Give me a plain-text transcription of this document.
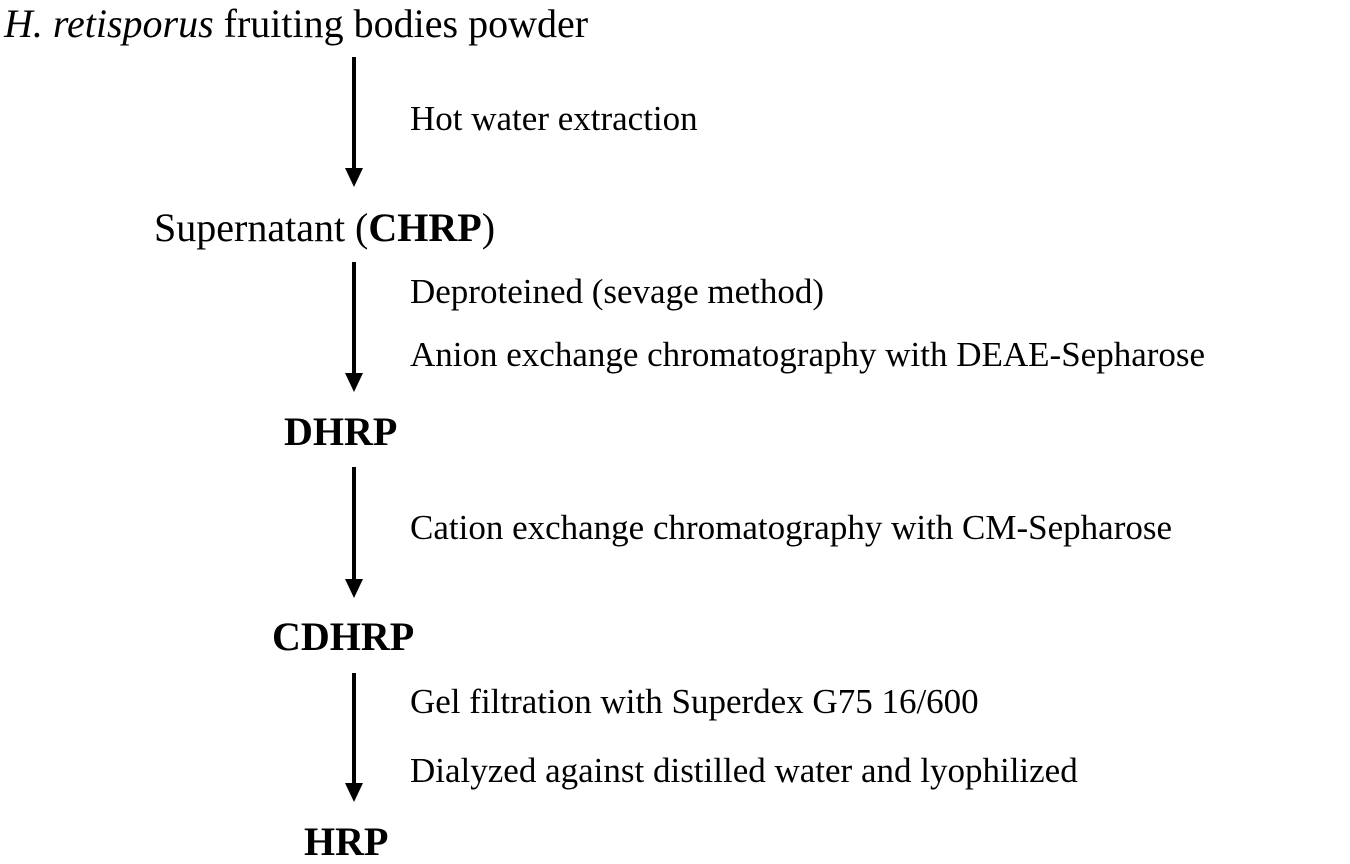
H. retisporus fruiting bodies powder
Hot water extraction
Supernatant (CHRP)
Deproteined (sevage method)
Anion exchange chromatography with DEAE-Sepharose
DHRP
Cation exchange chromatography with CM-Sepharose
CDHRP
Gel filtration with Superdex G75 16/600
Dialyzed against distilled water and lyophilized
HRP
